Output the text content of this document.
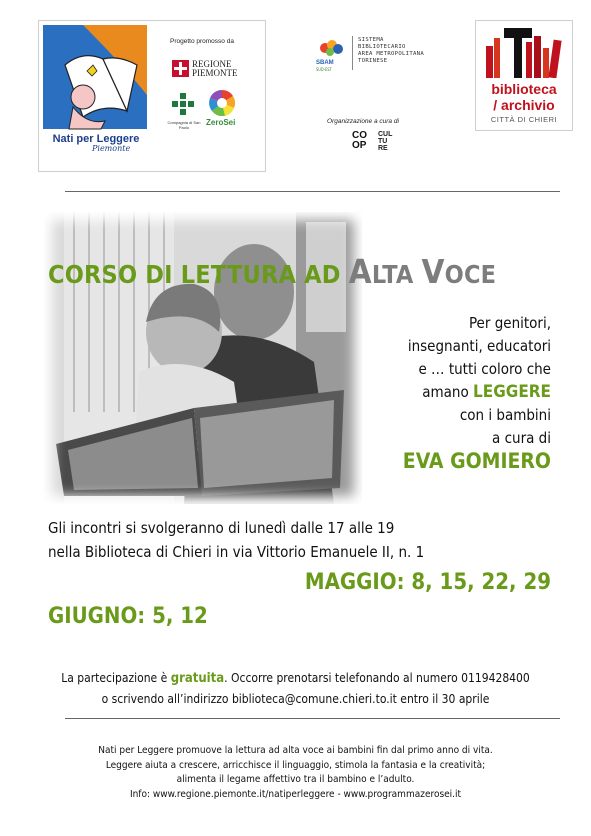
Nati per Leggere
Piemonte
Progetto promosso da
REGIONE
PIEMONTE
Compagnia di San Paolo
ZeroSei
SBAM
SUD-EST
SISTEMA
BIBLIOTECARIO
AREA METROPOLITANA
TORINESE
Organizzazione a cura di
CO
OP
CUL
TU
RE
biblioteca
/ archivio
CITTÀ DI CHIERI
CORSO DI LETTURA AD ALTA VOCE
Per genitori,
insegnanti, educatori
e … tutti coloro che
amano LEGGERE
con i bambini
a cura di
EVA GOMIERO
Gli incontri si svolgeranno di lunedì dalle 17 alle 19
nella Biblioteca di Chieri in via Vittorio Emanuele II, n. 1
MAGGIO: 8, 15, 22, 29
GIUGNO: 5, 12
La partecipazione è gratuita. Occorre prenotarsi telefonando al numero 0119428400
o scrivendo all’indirizzo biblioteca@comune.chieri.to.it entro il 30 aprile
Nati per Leggere promuove la lettura ad alta voce ai bambini fin dal primo anno di vita.
Leggere aiuta a crescere, arricchisce il linguaggio, stimola la fantasia e la creatività;
alimenta il legame affettivo tra il bambino e l’adulto.
Info: www.regione.piemonte.it/natiperleggere - www.programmazerosei.it
